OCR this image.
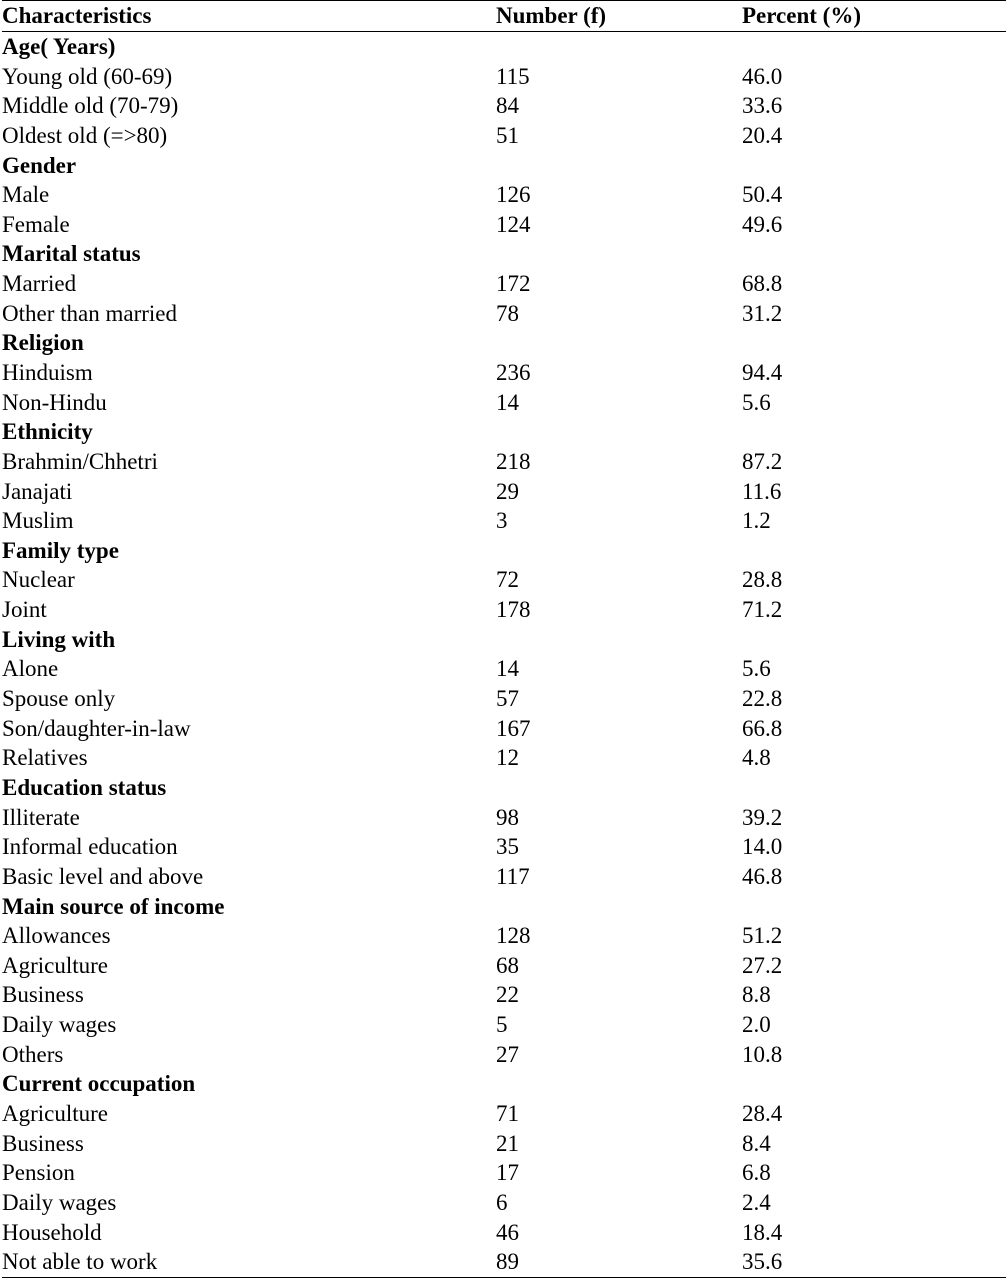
Characteristics	Number (f)	Percent (%)
Age( Years)		
Young old (60-69)	115	46.0
Middle old (70-79)	84	33.6
Oldest old (=>80)	51	20.4
Gender		
Male	126	50.4
Female	124	49.6
Marital status		
Married	172	68.8
Other than married	78	31.2
Religion		
Hinduism	236	94.4
Non-Hindu	14	5.6
Ethnicity		
Brahmin/Chhetri	218	87.2
Janajati	29	11.6
Muslim	3	1.2
Family type		
Nuclear	72	28.8
Joint	178	71.2
Living with		
Alone	14	5.6
Spouse only	57	22.8
Son/daughter-in-law	167	66.8
Relatives	12	4.8
Education status		
Illiterate	98	39.2
Informal education	35	14.0
Basic level and above	117	46.8
Main source of income		
Allowances	128	51.2
Agriculture	68	27.2
Business	22	8.8
Daily wages	5	2.0
Others	27	10.8
Current occupation		
Agriculture	71	28.4
Business	21	8.4
Pension	17	6.8
Daily wages	6	2.4
Household	46	18.4
Not able to work	89	35.6
